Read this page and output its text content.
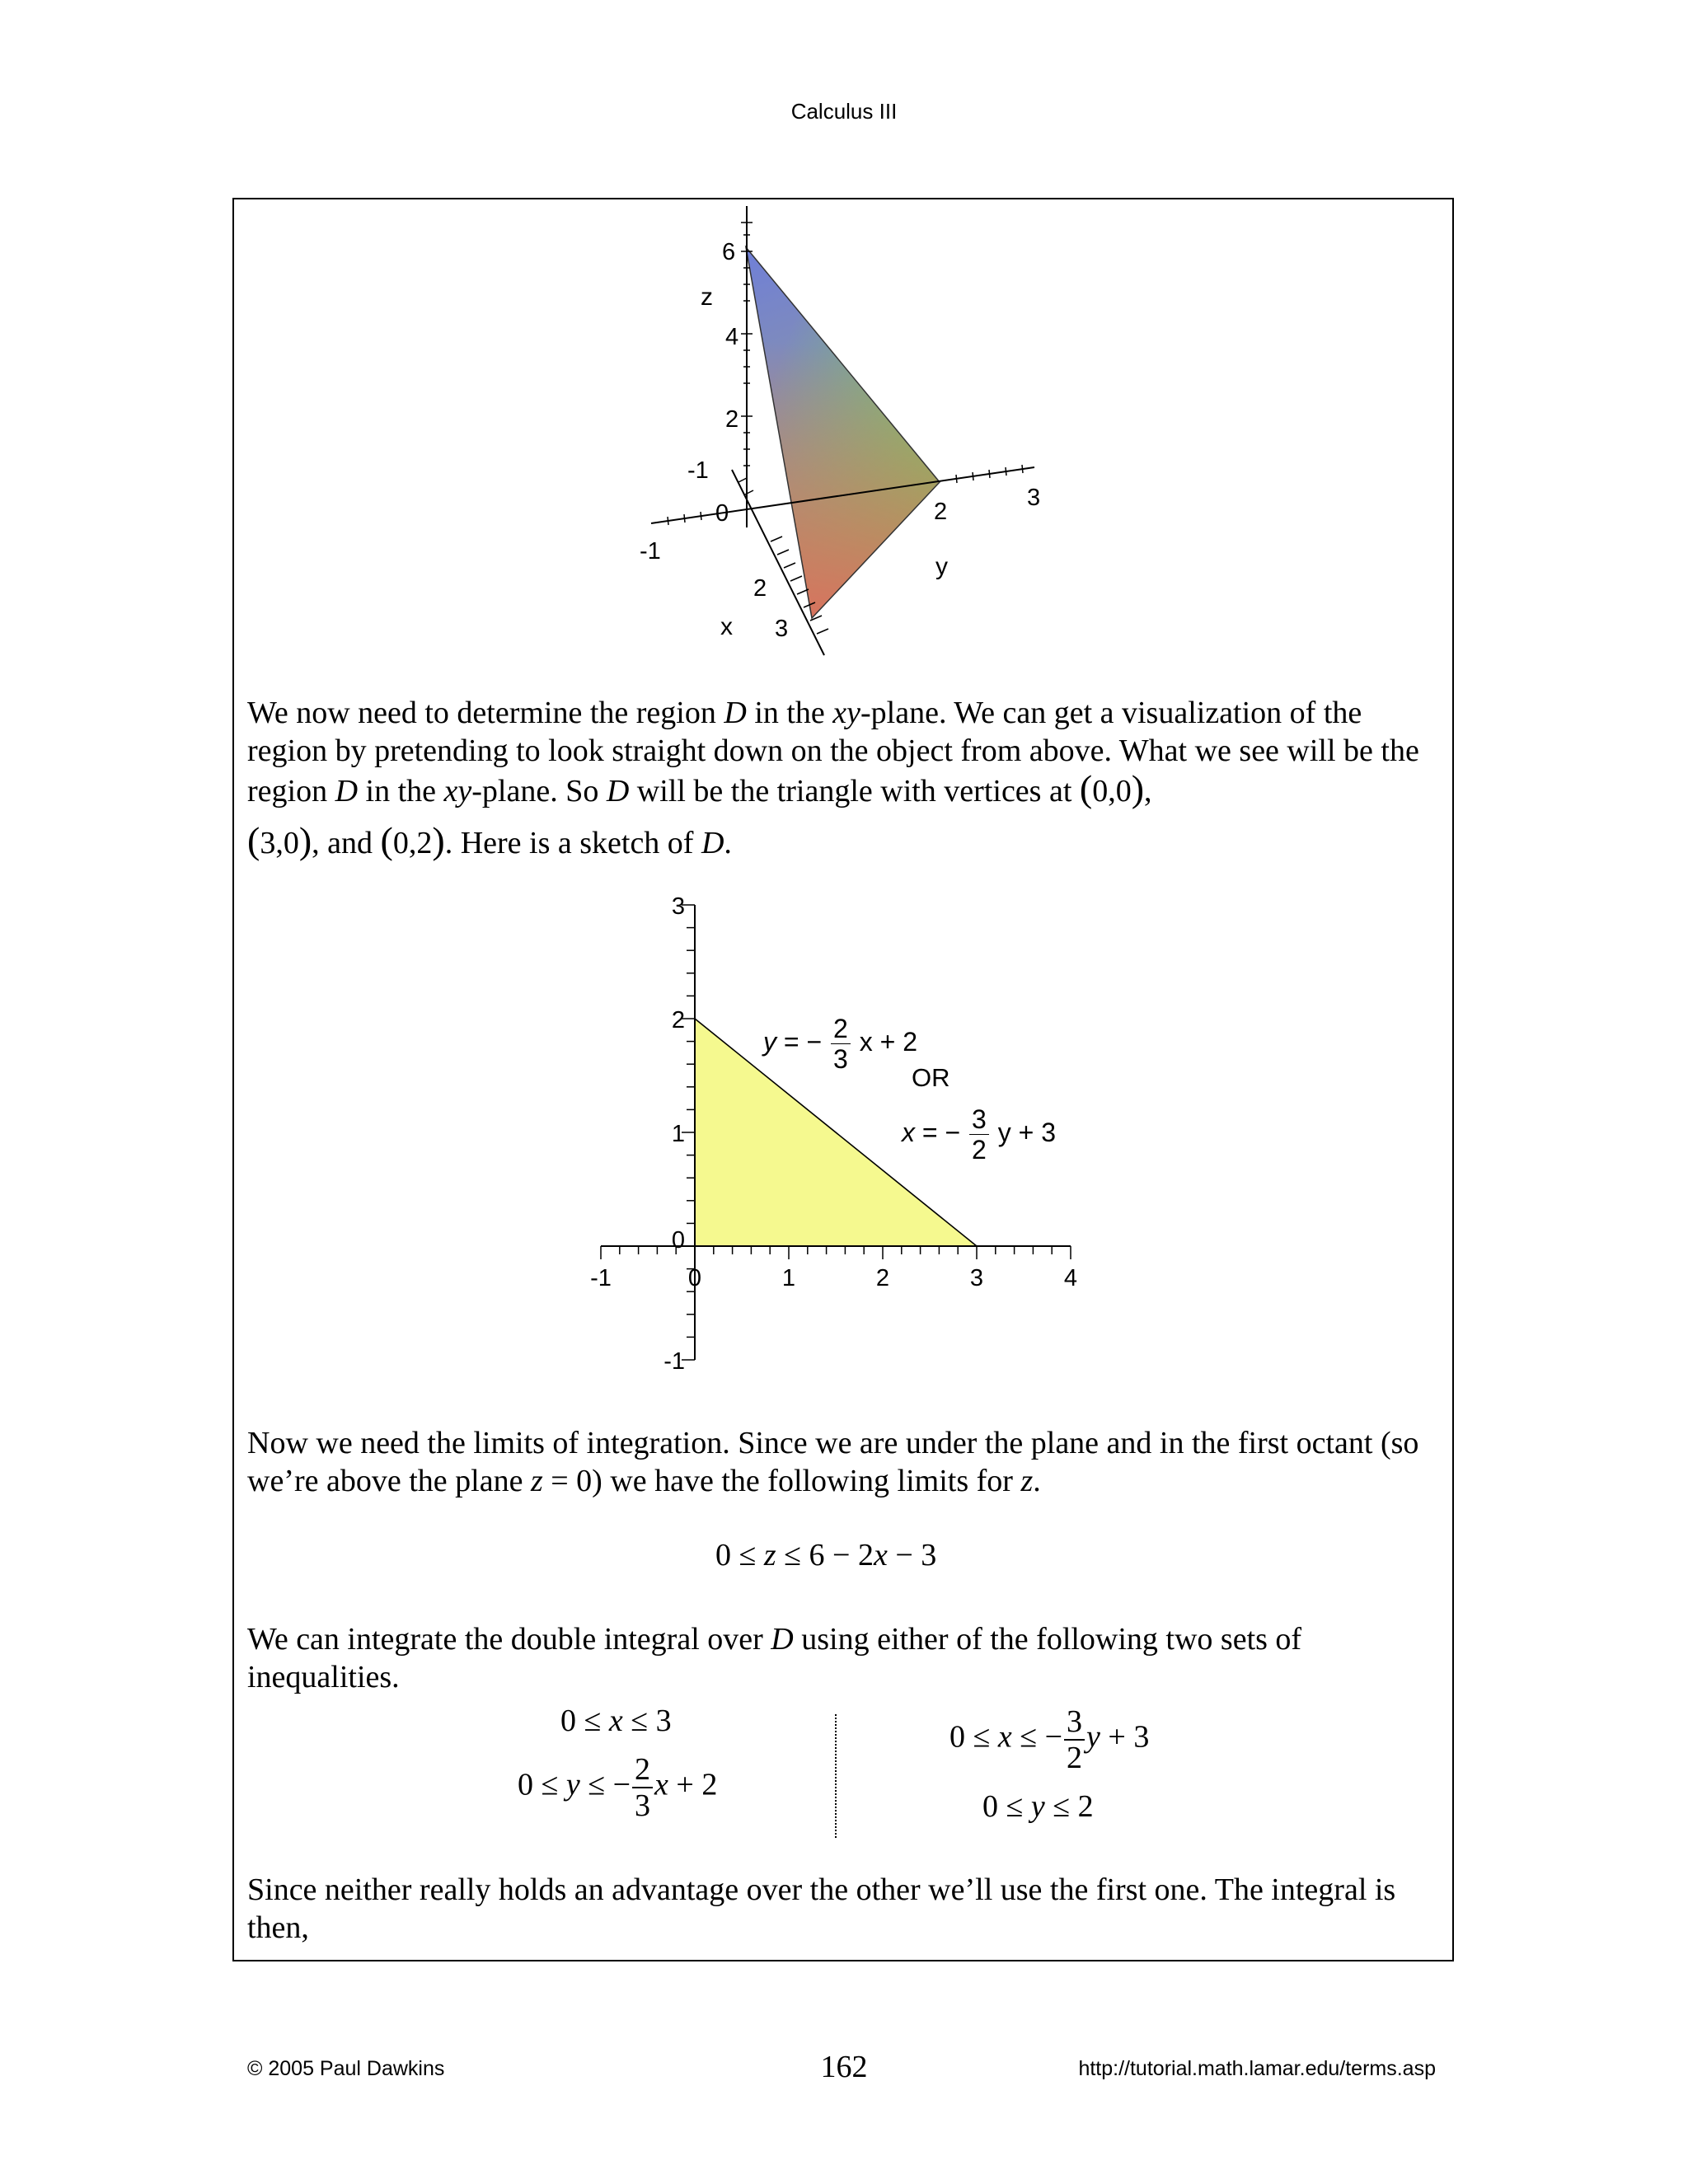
Calculus III
6
4
2
-1
0	2
3
-1
2
3
z
y
x
We now need to determine the region D in the xy-plane. We can get a visualization of the region by pretending to look straight down on the object from above. What we see will be the region D in the xy-plane. So D will be the triangle with vertices at (0,0),
(3,0), and (0,2). Here is a sketch of D.
-1	0	1	2	3	4
-1
1
2
3
0
y = − $\frac{2}{3}$ x + 2
OR
x = − $\frac{3}{2}$ y + 3
Now we need the limits of integration. Since we are under the plane and in the first octant (so we’re above the plane z = 0) we have the following limits for z.
0 ≤ z ≤ 6 − 2x − 3
We can integrate the double integral over D using either of the following two sets of inequalities.
0 ≤ x ≤ 3
0 ≤ y ≤ − $\frac{2}{3}$ x + 2
0 ≤ x ≤ − $\frac{3}{2}$ y + 3
0 ≤ y ≤ 2
Since neither really holds an advantage over the other we’ll use the first one. The integral is then,
© 2005 Paul Dawkins	162	http://tutorial.math.lamar.edu/terms.asp
